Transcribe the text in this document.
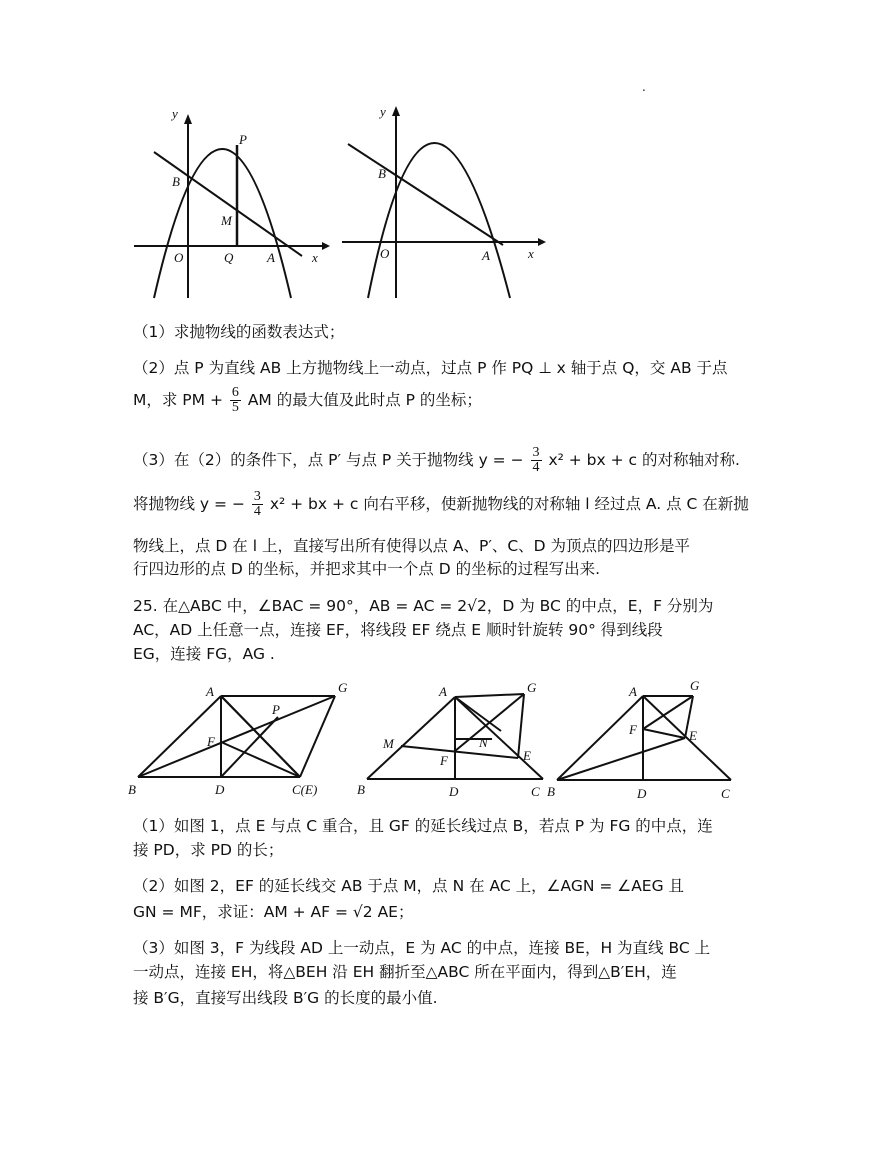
.
y
x
O	Q	A
B
M
P
y
x
O	A
B
（1）求抛物线的函数表达式；
（2）点 P 为直线 AB 上方抛物线上一动点，过点 P 作 PQ ⊥ x 轴于点 Q，交 AB 于点
M，求 PM + $\frac{6}{5}$ AM 的最大值及此时点 P 的坐标；
（3）在（2）的条件下，点 P′ 与点 P 关于抛物线 y = − $\frac{3}{4} x^2$ + bx + c 的对称轴对称.
将抛物线 y = − $\frac{3}{4} x^2$ + bx + c 向右平移，使新抛物线的对称轴 l 经过点 A. 点 C 在新抛
物线上，点 D 在 l 上，直接写出所有使得以点 A、P′、C、D 为顶点的四边形是平
行四边形的点 D 的坐标，并把求其中一个点 D 的坐标的过程写出来.
25. 在△ABC 中，∠BAC = 90°，AB = AC = 2√2，D 为 BC 的中点，E，F 分别为
AC，AD 上任意一点，连接 EF，将线段 EF 绕点 E 顺时针旋转 90° 得到线段
EG，连接 FG，AG .
A	G
P
F
B	D	C(E)
A	G
M	N
F	E
B	D	C
A	G
F	E
B	D	C
（1）如图 1，点 E 与点 C 重合，且 GF 的延长线过点 B，若点 P 为 FG 的中点，连
接 PD，求 PD 的长；
（2）如图 2，EF 的延长线交 AB 于点 M，点 N 在 AC 上，∠AGN = ∠AEG 且
GN = MF，求证：AM + AF = √2 AE；
（3）如图 3，F 为线段 AD 上一动点，E 为 AC 的中点，连接 BE，H 为直线 BC 上
一动点，连接 EH，将△BEH 沿 EH 翻折至△ABC 所在平面内，得到△B′EH，连
接 B′G，直接写出线段 B′G 的长度的最小值.
